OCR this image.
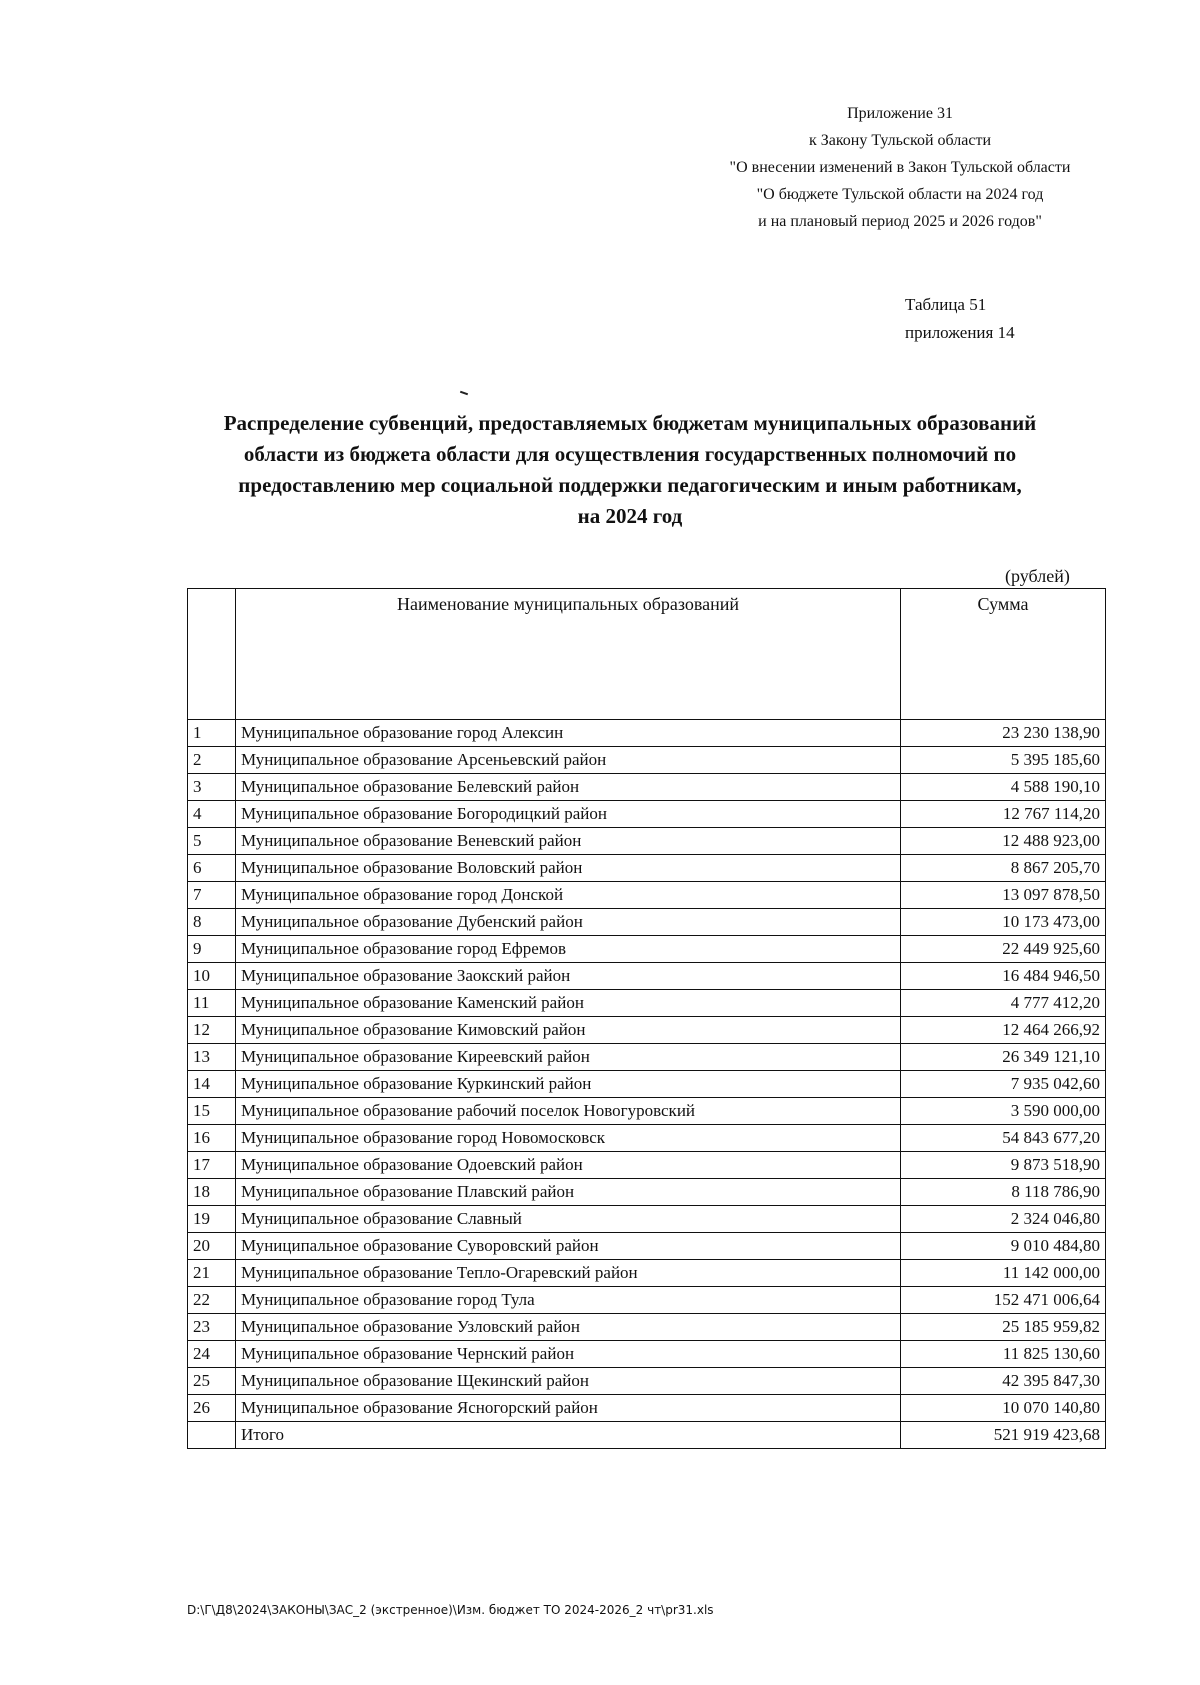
Приложение 31
к Закону Тульской области
"О внесении изменений в Закон Тульской области
"О бюджете Тульской области на 2024 год
и на плановый период 2025 и 2026 годов"
Таблица 51
приложения 14
Распределение субвенций, предоставляемых бюджетам муниципальных образований
области из бюджета области для осуществления государственных полномочий по
предоставлению мер социальной поддержки педагогическим и иным работникам,
на 2024 год
(рублей)
	Наименование муниципальных образований	Сумма
1	Муниципальное образование город Алексин	23 230 138,90
2	Муниципальное образование Арсеньевский район	5 395 185,60
3	Муниципальное образование Белевский район	4 588 190,10
4	Муниципальное образование Богородицкий район	12 767 114,20
5	Муниципальное образование Веневский район	12 488 923,00
6	Муниципальное образование Воловский район	8 867 205,70
7	Муниципальное образование город Донской	13 097 878,50
8	Муниципальное образование Дубенский район	10 173 473,00
9	Муниципальное образование город Ефремов	22 449 925,60
10	Муниципальное образование Заокский район	16 484 946,50
11	Муниципальное образование Каменский район	4 777 412,20
12	Муниципальное образование Кимовский район	12 464 266,92
13	Муниципальное образование Киреевский район	26 349 121,10
14	Муниципальное образование Куркинский район	7 935 042,60
15	Муниципальное образование рабочий поселок Новогуровский	3 590 000,00
16	Муниципальное образование город Новомосковск	54 843 677,20
17	Муниципальное образование Одоевский район	9 873 518,90
18	Муниципальное образование Плавский район	8 118 786,90
19	Муниципальное образование Славный	2 324 046,80
20	Муниципальное образование Суворовский район	9 010 484,80
21	Муниципальное образование Тепло-Огаревский район	11 142 000,00
22	Муниципальное образование город Тула	152 471 006,64
23	Муниципальное образование Узловский район	25 185 959,82
24	Муниципальное образование Чернский район	11 825 130,60
25	Муниципальное образование Щекинский район	42 395 847,30
26	Муниципальное образование Ясногорский район	10 070 140,80
	Итого	521 919 423,68
D:\Г\Д8\2024\ЗАКОНЫ\ЗАС_2 (экстренное)\Изм. бюджет ТО 2024-2026_2 чт\pr31.xls
